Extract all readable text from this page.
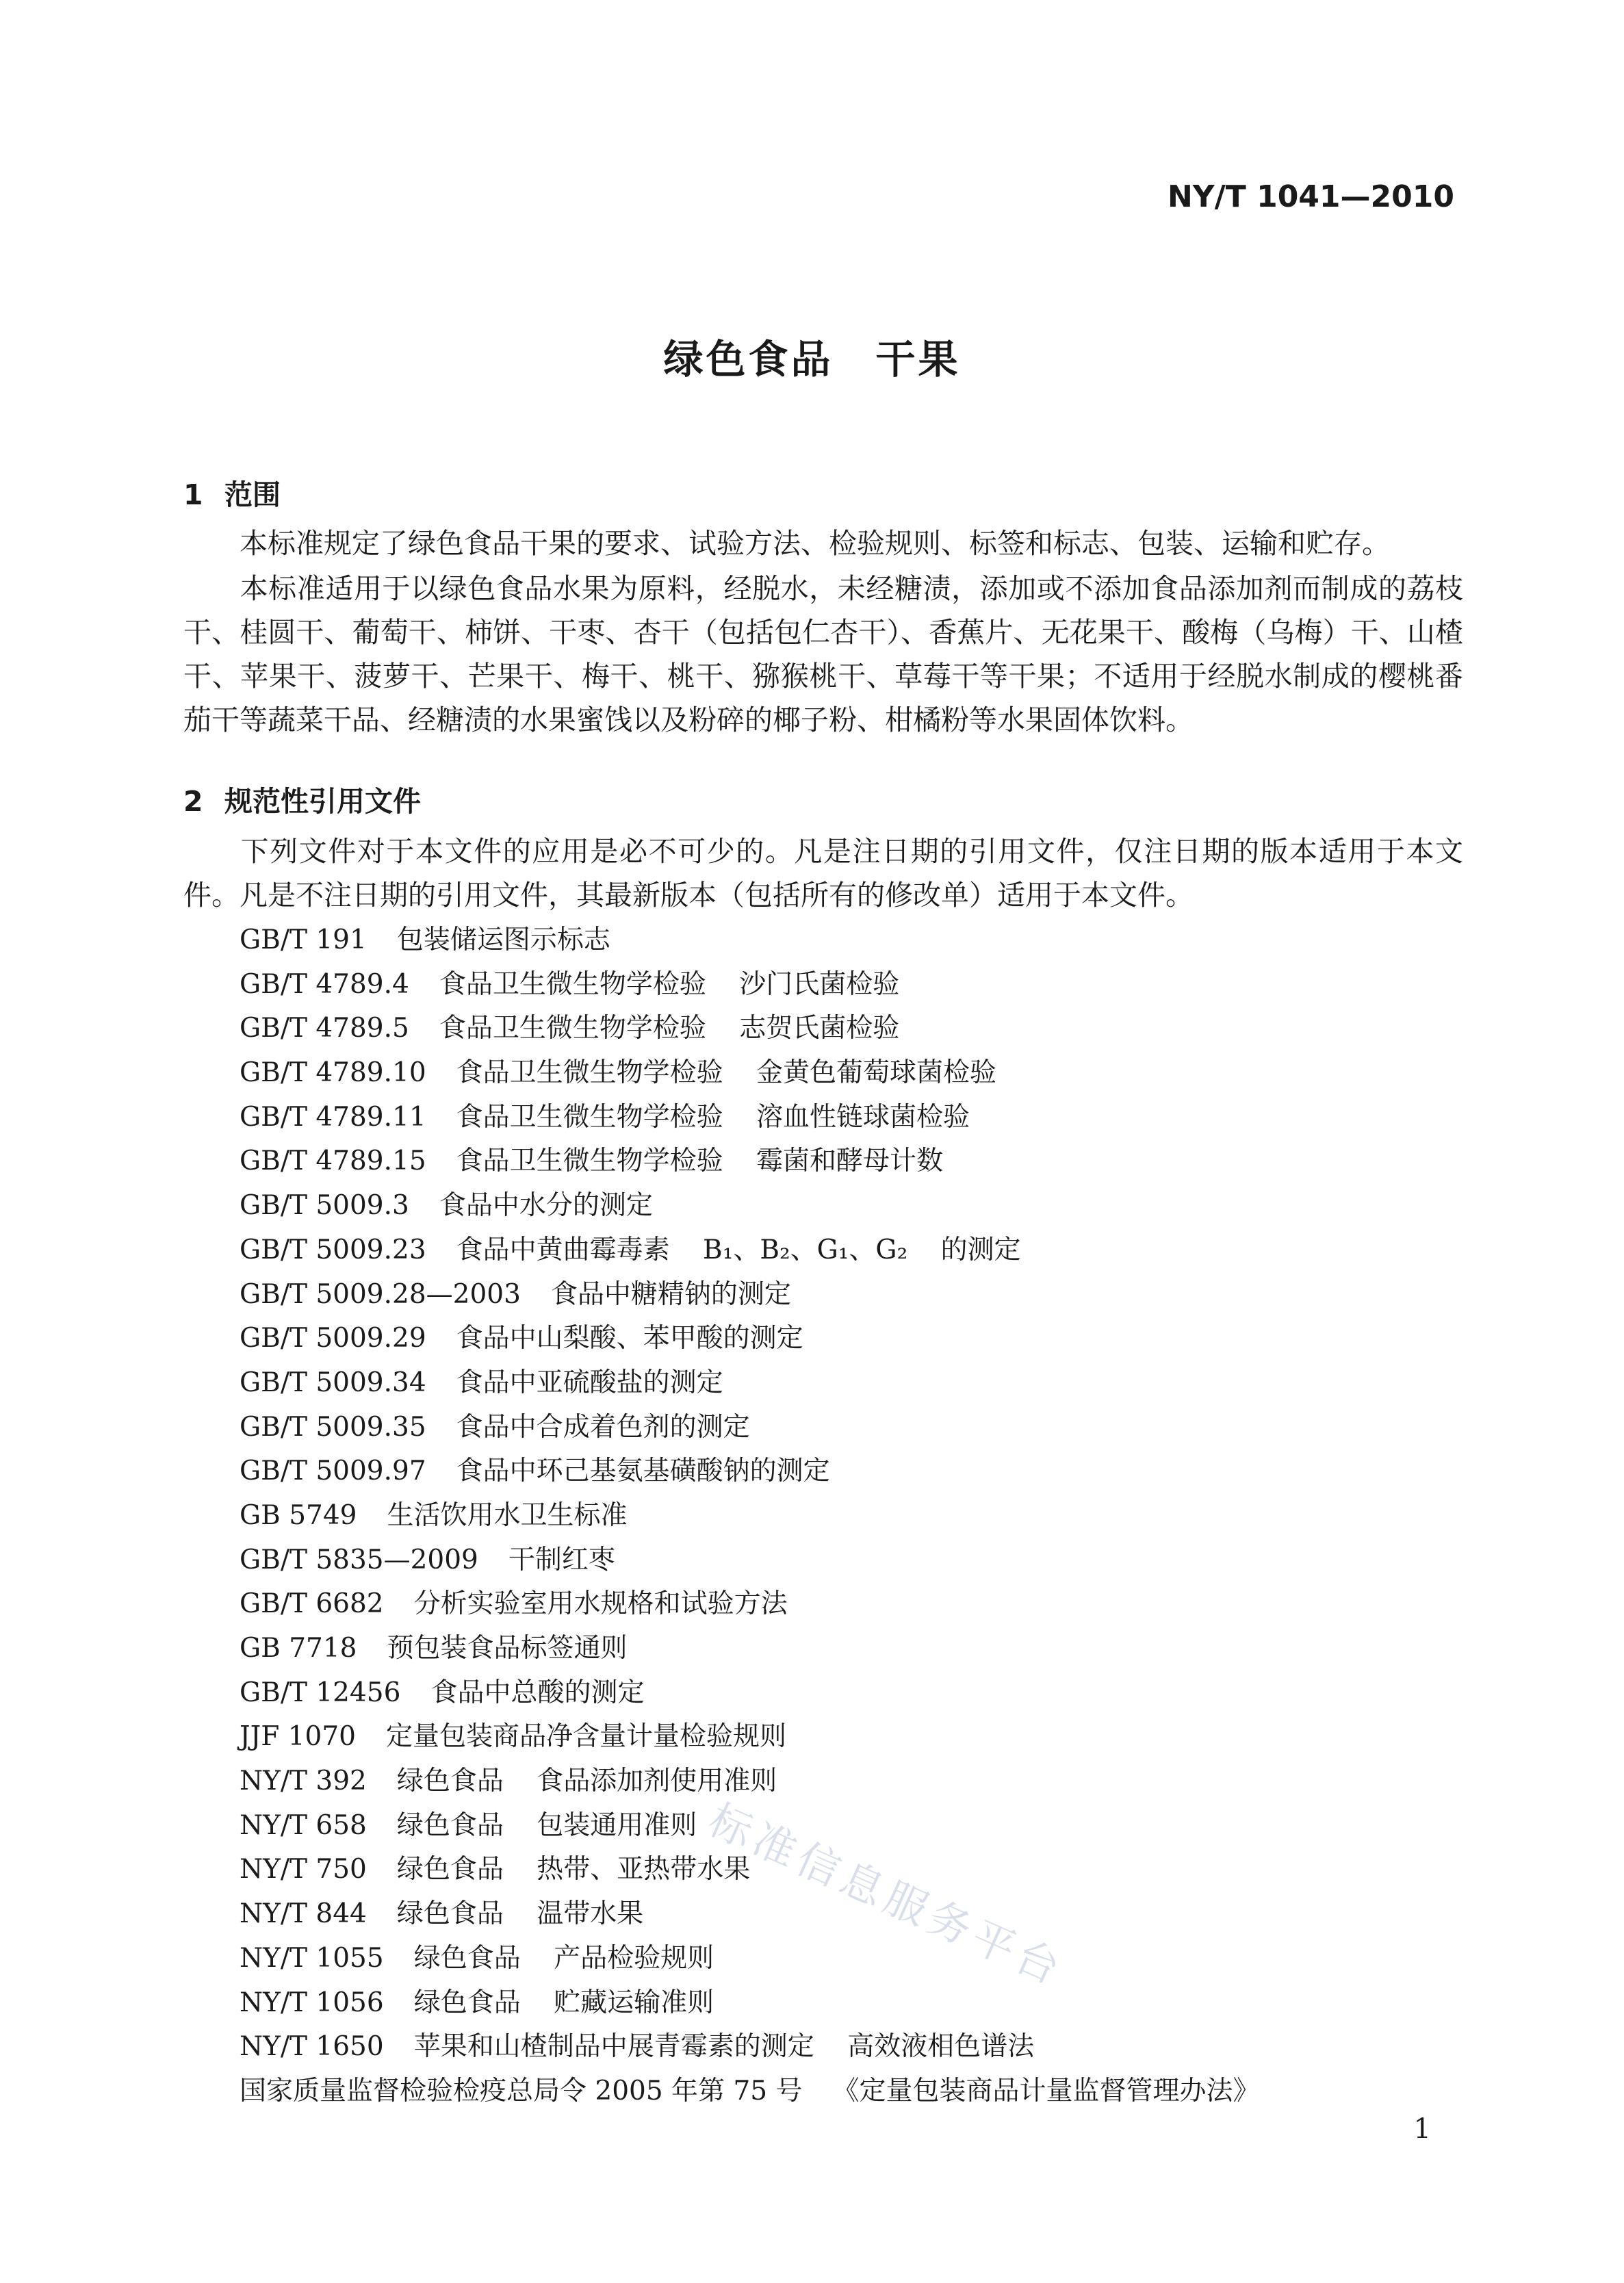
NY/T 1041—2010
绿色食品　干果
1 范围
本标准规定了绿色食品干果的要求、试验方法、检验规则、标签和标志、包装、运输和贮存。
本标准适用于以绿色食品水果为原料，经脱水，未经糖渍，添加或不添加食品添加剂而制成的荔枝干、桂圆干、葡萄干、柿饼、干枣、杏干（包括包仁杏干）、香蕉片、无花果干、酸梅（乌梅）干、山楂干、苹果干、菠萝干、芒果干、梅干、桃干、猕猴桃干、草莓干等干果；不适用于经脱水制成的樱桃番茄干等蔬菜干品、经糖渍的水果蜜饯以及粉碎的椰子粉、柑橘粉等水果固体饮料。
2 规范性引用文件
下列文件对于本文件的应用是必不可少的。凡是注日期的引用文件，仅注日期的版本适用于本文件。凡是不注日期的引用文件，其最新版本（包括所有的修改单）适用于本文件。
GB/T 191 包装储运图示标志
GB/T 4789.4 食品卫生微生物学检验 沙门氏菌检验
GB/T 4789.5 食品卫生微生物学检验 志贺氏菌检验
GB/T 4789.10 食品卫生微生物学检验 金黄色葡萄球菌检验
GB/T 4789.11 食品卫生微生物学检验 溶血性链球菌检验
GB/T 4789.15 食品卫生微生物学检验 霉菌和酵母计数
GB/T 5009.3 食品中水分的测定
GB/T 5009.23 食品中黄曲霉毒素 B₁、B₂、G₁、G₂ 的测定
GB/T 5009.28—2003 食品中糖精钠的测定
GB/T 5009.29 食品中山梨酸、苯甲酸的测定
GB/T 5009.34 食品中亚硫酸盐的测定
GB/T 5009.35 食品中合成着色剂的测定
GB/T 5009.97 食品中环己基氨基磺酸钠的测定
GB 5749 生活饮用水卫生标准
GB/T 5835—2009 干制红枣
GB/T 6682 分析实验室用水规格和试验方法
GB 7718 预包装食品标签通则
GB/T 12456 食品中总酸的测定
JJF 1070 定量包装商品净含量计量检验规则
NY/T 392 绿色食品 食品添加剂使用准则
NY/T 658 绿色食品 包装通用准则
NY/T 750 绿色食品 热带、亚热带水果
NY/T 844 绿色食品 温带水果
NY/T 1055 绿色食品 产品检验规则
NY/T 1056 绿色食品 贮藏运输准则
NY/T 1650 苹果和山楂制品中展青霉素的测定 高效液相色谱法
国家质量监督检验检疫总局令 2005 年第 75 号 《定量包装商品计量监督管理办法》
标准信息服务平台
1
